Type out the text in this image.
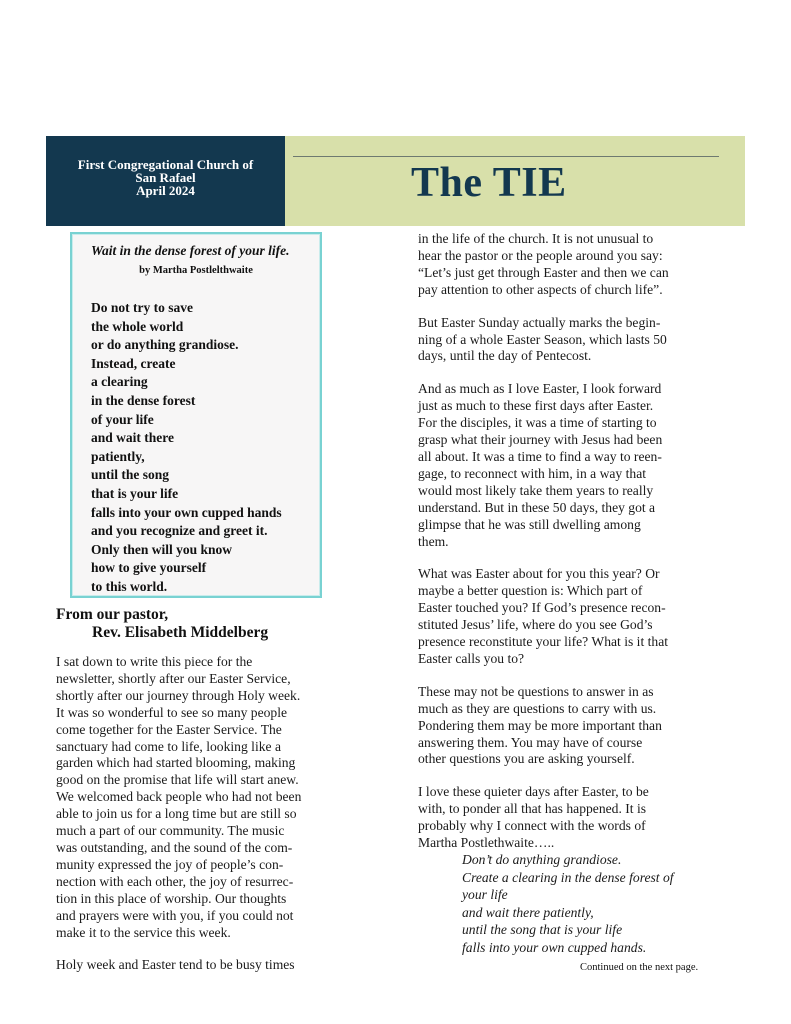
First Congregational Church of
San Rafael
April 2024	The TIE
Wait in the dense forest of your life.
by Martha Postlelthwaite
Do not try to save
the whole world
or do anything grandiose.
Instead, create
a clearing
in the dense forest
of your life
and wait there
patiently,
until the song
that is your life
falls into your own cupped hands
and you recognize and greet it.
Only then will you know
how to give yourself
to this world.
From our pastor,
Rev. Elisabeth Middelberg
I sat down to write this piece for the
newsletter, shortly after our Easter Service,
shortly after our journey through Holy week.
It was so wonderful to see so many people
come together for the Easter Service. The
sanctuary had come to life, looking like a
garden which had started blooming, making
good on the promise that life will start anew.
We welcomed back people who had not been
able to join us for a long time but are still so
much a part of our community. The music
was outstanding, and the sound of the com-
munity expressed the joy of people’s con-
nection with each other, the joy of resurrec-
tion in this place of worship. Our thoughts
and prayers were with you, if you could not
make it to the service this week.
Holy week and Easter tend to be busy times
in the life of the church. It is not unusual to
hear the pastor or the people around you say:
“Let’s just get through Easter and then we can
pay attention to other aspects of church life”.
But Easter Sunday actually marks the begin-
ning of a whole Easter Season, which lasts 50
days, until the day of Pentecost.
And as much as I love Easter, I look forward
just as much to these first days after Easter.
For the disciples, it was a time of starting to
grasp what their journey with Jesus had been
all about. It was a time to find a way to reen-
gage, to reconnect with him, in a way that
would most likely take them years to really
understand. But in these 50 days, they got a
glimpse that he was still dwelling among
them.
What was Easter about for you this year? Or
maybe a better question is: Which part of
Easter touched you? If God’s presence recon-
stituted Jesus’ life, where do you see God’s
presence reconstitute your life? What is it that
Easter calls you to?
These may not be questions to answer in as
much as they are questions to carry with us.
Pondering them may be more important than
answering them. You may have of course
other questions you are asking yourself.
I love these quieter days after Easter, to be
with, to ponder all that has happened. It is
probably why I connect with the words of
Martha Postlethwaite…..
Don’t do anything grandiose.
Create a clearing in the dense forest of
your life
and wait there patiently,
until the song that is your life
falls into your own cupped hands.
Continued on the next page.
